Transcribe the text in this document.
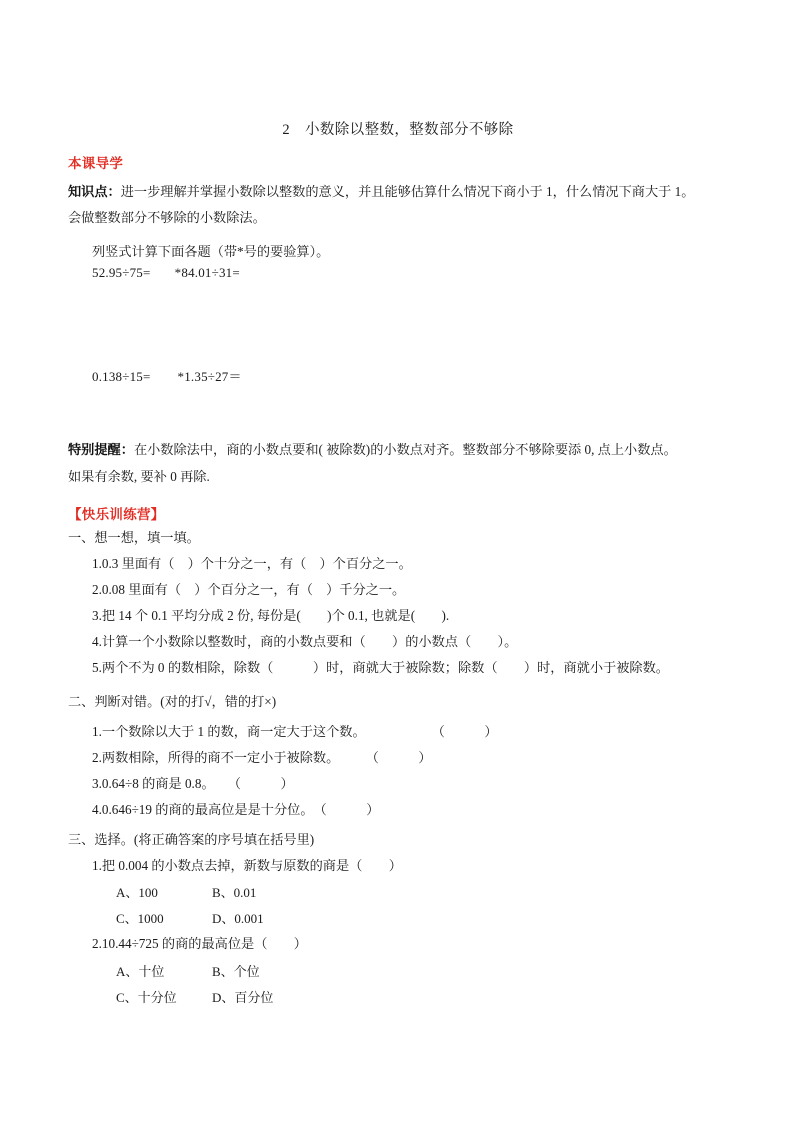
2　小数除以整数，整数部分不够除
本课导学
知识点：进一步理解并掌握小数除以整数的意义，并且能够估算什么情况下商小于 1，什么情况下商大于 1。
会做整数部分不够除的小数除法。
列竖式计算下面各题（带*号的要验算）。
52.95÷75=       *84.01÷31=
0.138÷15=　    *1.35÷27＝
特别提醒：在小数除法中，商的小数点要和( 被除数)的小数点对齐。整数部分不够除要添 0, 点上小数点。
如果有余数, 要补 0 再除.
【快乐训练营】
一、想一想，填一填。
1.0.3 里面有（　）个十分之一，有（　）个百分之一。
2.0.08 里面有（　）个百分之一，有（　）千分之一。
3.把 14 个 0.1 平均分成 2 份, 每份是(　　)个 0.1, 也就是(　　).
4.计算一个小数除以整数时，商的小数点要和（　　）的小数点（　　）。
5.两个不为 0 的数相除，除数（　　　）时，商就大于被除数；除数（　　）时，商就小于被除数。
二、判断对错。(对的打√，错的打×)
1.一个数除以大于 1 的数，商一定大于这个数。　　　　　　（　　　）
2.两数相除，所得的商不一定小于被除数。　　　（　　　）
3.0.64÷8 的商是 0.8。　　（　　　）
4.0.646÷19 的商的最高位是是十分位。　（　　　）
三、选择。(将正确答案的序号填在括号里)
1.把 0.004 的小数点去掉，新数与原数的商是（　　）
A、100	B、0.01
C、1000	D、0.001
2.10.44÷725 的商的最高位是（　　）
A、十位	B、个位
C、十分位	D、百分位
